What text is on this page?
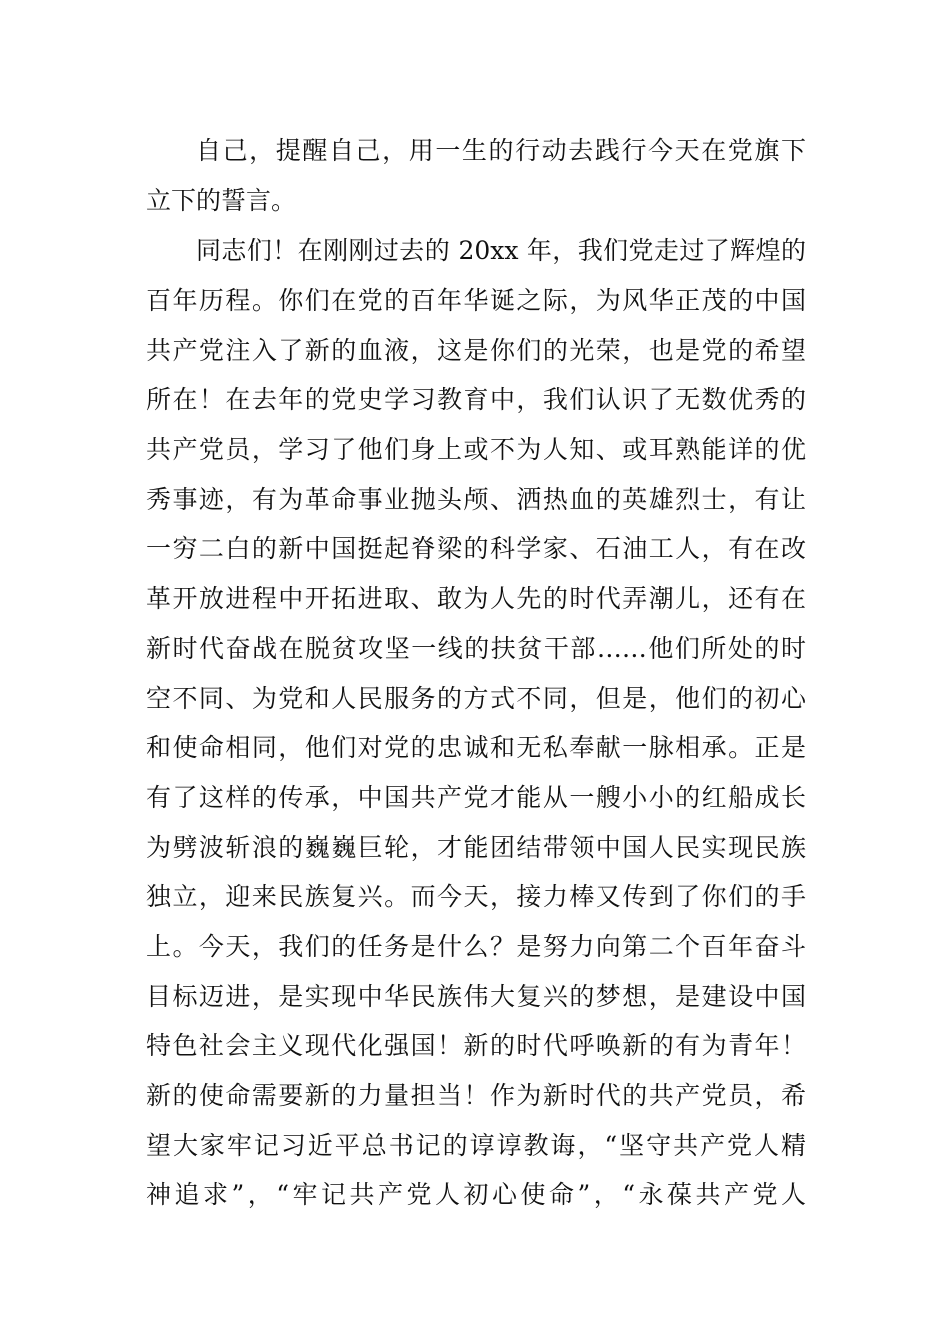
自己，提醒自己，用一生的行动去践行今天在党旗下
立下的誓言。
同志们！在刚刚过去的 20xx 年，我们党走过了辉煌的
百年历程。你们在党的百年华诞之际，为风华正茂的中国
共产党注入了新的血液，这是你们的光荣，也是党的希望
所在！在去年的党史学习教育中，我们认识了无数优秀的
共产党员，学习了他们身上或不为人知、或耳熟能详的优
秀事迹，有为革命事业抛头颅、洒热血的英雄烈士，有让
一穷二白的新中国挺起脊梁的科学家、石油工人，有在改
革开放进程中开拓进取、敢为人先的时代弄潮儿，还有在
新时代奋战在脱贫攻坚一线的扶贫干部……他们所处的时
空不同、为党和人民服务的方式不同，但是，他们的初心
和使命相同，他们对党的忠诚和无私奉献一脉相承。正是
有了这样的传承，中国共产党才能从一艘小小的红船成长
为劈波斩浪的巍巍巨轮，才能团结带领中国人民实现民族
独立，迎来民族复兴。而今天，接力棒又传到了你们的手
上。今天，我们的任务是什么？是努力向第二个百年奋斗
目标迈进，是实现中华民族伟大复兴的梦想，是建设中国
特色社会主义现代化强国！新的时代呼唤新的有为青年！
新的使命需要新的力量担当！作为新时代的共产党员，希
望大家牢记习近平总书记的谆谆教诲，“坚守共产党人精
神追求”，“牢记共产党人初心使命”，“永葆共产党人
